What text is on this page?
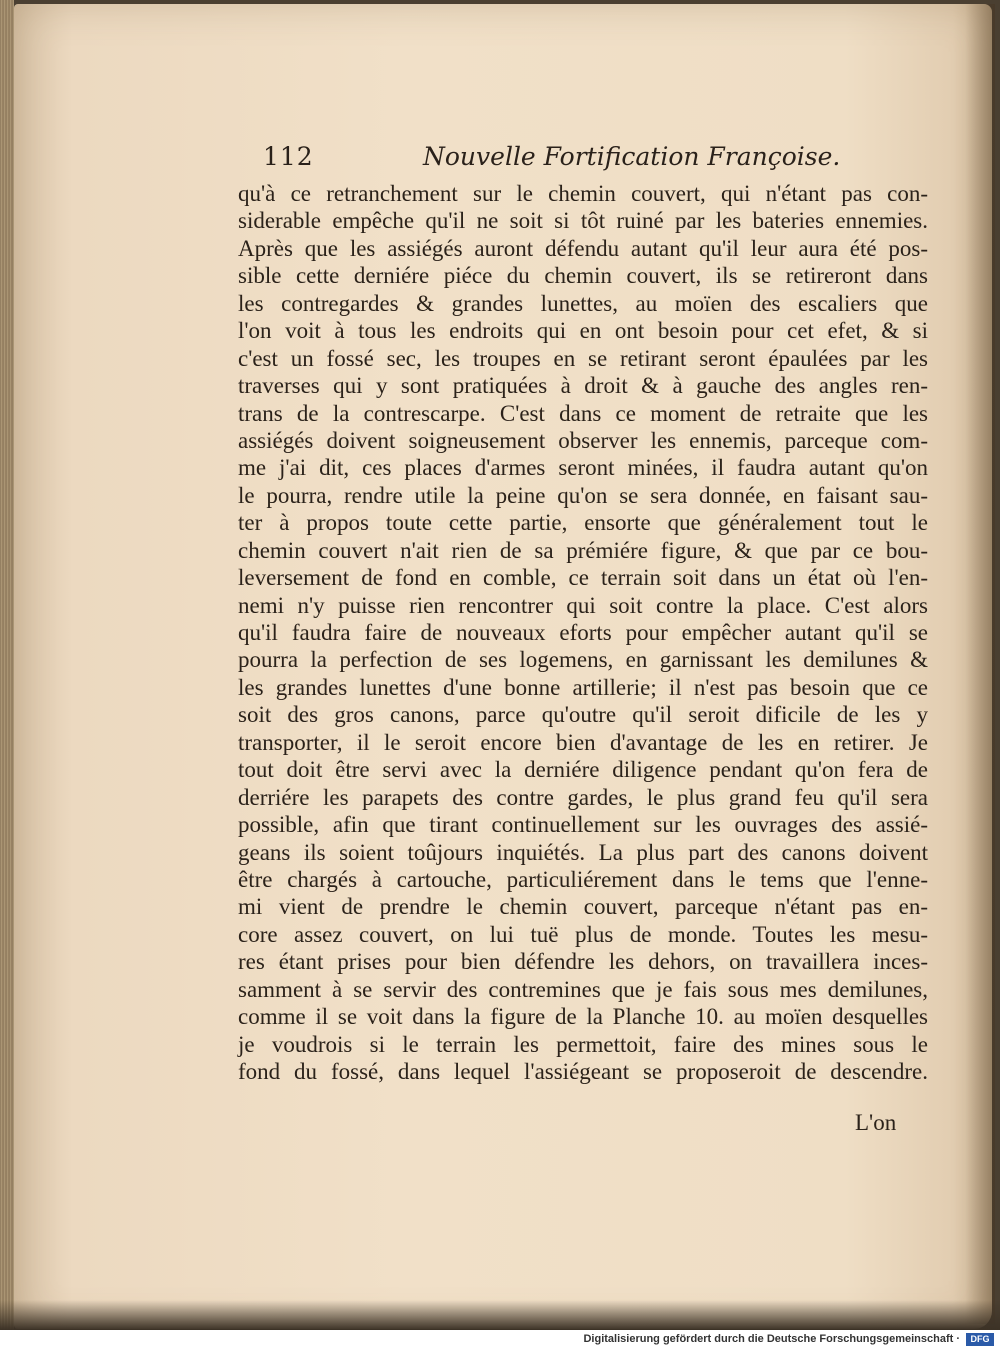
112	Nouvelle Fortification Françoise.
qu'à ce retranchement sur le chemin couvert, qui n'étant pas con-
siderable empêche qu'il ne soit si tôt ruiné par les bateries ennemies.
Après que les assiégés auront défendu autant qu'il leur aura été pos-
sible cette derniére piéce du chemin couvert, ils se retireront dans
les contregardes & grandes lunettes, au moïen des escaliers que
l'on voit à tous les endroits qui en ont besoin pour cet efet, & si
c'est un fossé sec, les troupes en se retirant seront épaulées par les
traverses qui y sont pratiquées à droit & à gauche des angles ren-
trans de la contrescarpe. C'est dans ce moment de retraite que les
assiégés doivent soigneusement observer les ennemis, parceque com-
me j'ai dit, ces places d'armes seront minées, il faudra autant qu'on
le pourra, rendre utile la peine qu'on se sera donnée, en faisant sau-
ter à propos toute cette partie, ensorte que généralement tout le
chemin couvert n'ait rien de sa prémiére figure, & que par ce bou-
leversement de fond en comble, ce terrain soit dans un état où l'en-
nemi n'y puisse rien rencontrer qui soit contre la place. C'est alors
qu'il faudra faire de nouveaux eforts pour empêcher autant qu'il se
pourra la perfection de ses logemens, en garnissant les demilunes &
les grandes lunettes d'une bonne artillerie; il n'est pas besoin que ce
soit des gros canons, parce qu'outre qu'il seroit dificile de les y
transporter, il le seroit encore bien d'avantage de les en retirer. Je
tout doit être servi avec la derniére diligence pendant qu'on fera de
derriére les parapets des contre gardes, le plus grand feu qu'il sera
possible, afin que tirant continuellement sur les ouvrages des assié-
geans ils soient toûjours inquiétés. La plus part des canons doivent
être chargés à cartouche, particuliérement dans le tems que l'enne-
mi vient de prendre le chemin couvert, parceque n'étant pas en-
core assez couvert, on lui tuë plus de monde. Toutes les mesu-
res étant prises pour bien défendre les dehors, on travaillera inces-
samment à se servir des contremines que je fais sous mes demilunes,
comme il se voit dans la figure de la Planche 10. au moïen desquelles
je voudrois si le terrain les permettoit, faire des mines sous le
fond du fossé, dans lequel l'assiégeant se proposeroit de descendre.
L'on
Digitalisierung gefördert durch die Deutsche Forschungsgemeinschaft ·	DFG
